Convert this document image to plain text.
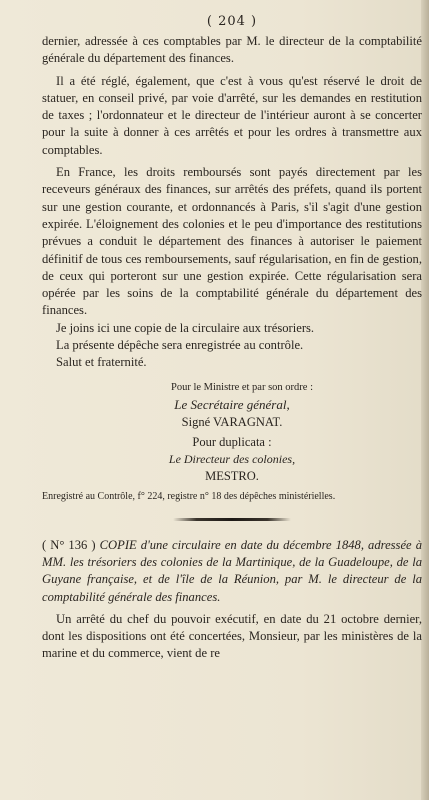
( 204 )

dernier, adressée à ces comptables par M. le directeur de la comptabilité générale du département des finances.

Il a été réglé, également, que c'est à vous qu'est réservé le droit de statuer, en conseil privé, par voie d'arrêté, sur les demandes en restitution de taxes ; l'ordonnateur et le directeur de l'intérieur auront à se concerter pour la suite à donner à ces arrêtés et pour les ordres à transmettre aux comptables.

En France, les droits remboursés sont payés directement par les receveurs généraux des finances, sur arrêtés des préfets, quand ils portent sur une gestion courante, et ordonnancés à Paris, s'il s'agit d'une gestion expirée. L'éloignement des colonies et le peu d'importance des restitutions prévues a conduit le département des finances à autoriser le paiement définitif de tous ces remboursements, sauf régularisation, en fin de gestion, de ceux qui porteront sur une gestion expirée. Cette régularisation sera opérée par les soins de la comptabilité générale du département des finances.

Je joins ici une copie de la circulaire aux trésoriers.

La présente dépêche sera enregistrée au contrôle.

Salut et fraternité.

Pour le Ministre et par son ordre :
Le Secrétaire général,
Signé VARAGNAT.
Pour duplicata :
Le Directeur des colonies,
MESTRO.
Enregistré au Contrôle, f° 224, registre n° 18 des dépêches ministérielles.

( N° 136 ) COPIE d'une circulaire en date du décembre 1848, adressée à MM. les trésoriers des colonies de la Martinique, de la Guadeloupe, de la Guyane française, et de l'île de la Réunion, par M. le directeur de la comptabilité générale des finances.

Un arrêté du chef du pouvoir exécutif, en date du 21 octobre dernier, dont les dispositions ont été concertées, Monsieur, par les ministères de la marine et du commerce, vient de re
